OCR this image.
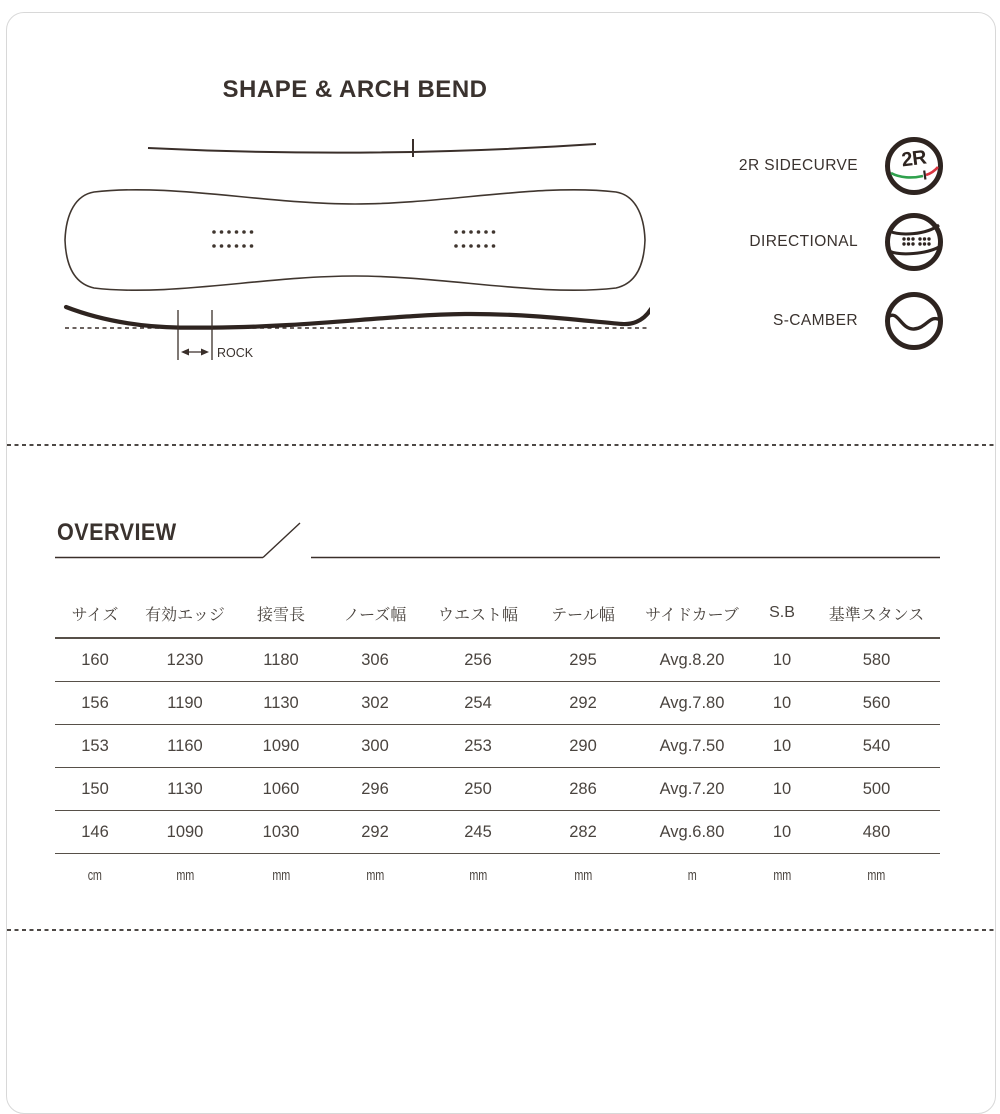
SHAPE & ARCH BEND
ROCK
2R SIDECURVE 2R
DIRECTIONAL
S-CAMBER
OVERVIEW
サイズ	有効エッジ	接雪長	ノーズ幅	ウエスト幅	テール幅	サイドカーブ	S.B	基準スタンス
160	1230	1180	306	256	295	Avg.8.20	10	580
156	1190	1130	302	254	292	Avg.7.80	10	560
153	1160	1090	300	253	290	Avg.7.50	10	540
150	1130	1060	296	250	286	Avg.7.20	10	500
146	1090	1030	292	245	282	Avg.6.80	10	480
cm	mm	mm	mm	mm	mm	m	mm	mm
